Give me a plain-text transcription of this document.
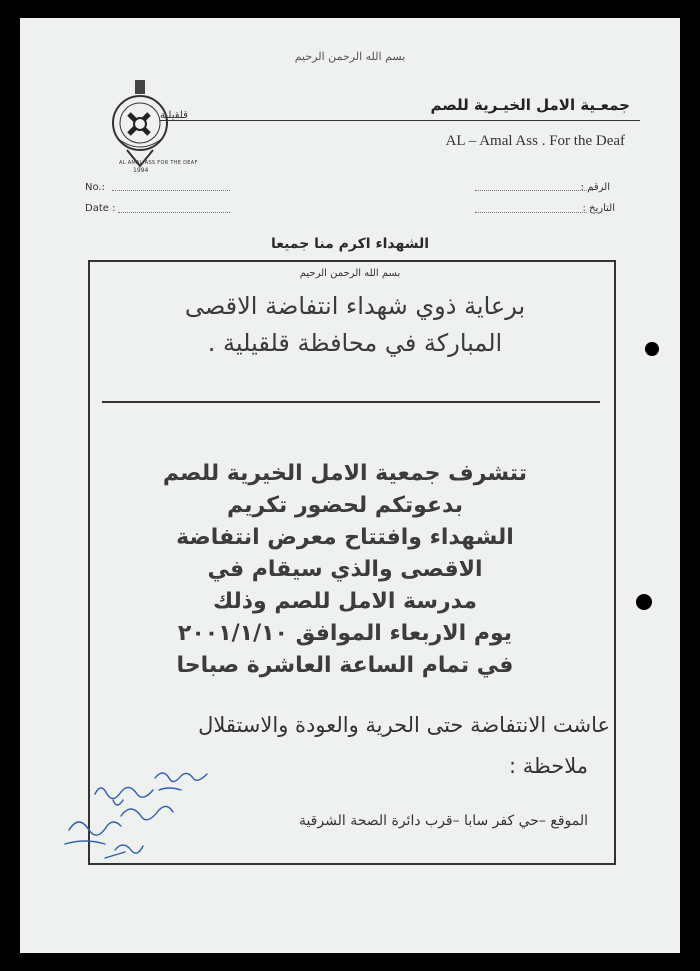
بسم الله الرحمن الرحيم
AL AMAL ASS FOR THE DEAF
1994
قلقيلية
جمعـية الامل الخيـرية للصم
AL – Amal Ass . For the Deaf
No.:
Date :
الرقم :
التاريخ :
الشهداء اكرم منا جميعا
بسم الله الرحمن الرحيم
برعاية ذوي شهداء انتفاضة الاقصى
المباركة في محافظة قلقيلية .
تتشرف جمعية الامل الخيرية للصم
بدعوتكم لحضور تكريم
الشهداء وافتتاح معرض انتفاضة
الاقصى والذي سيقام في
مدرسة الامل للصم وذلك
يوم الاربعاء الموافق ٢٠٠١/١/١٠
في تمام الساعة العاشرة صباحا
عاشت الانتفاضة حتى الحرية والعودة والاستقلال
ملاحظة :
الموقع –حي كفر سابا –قرب دائرة الصحة الشرقية
